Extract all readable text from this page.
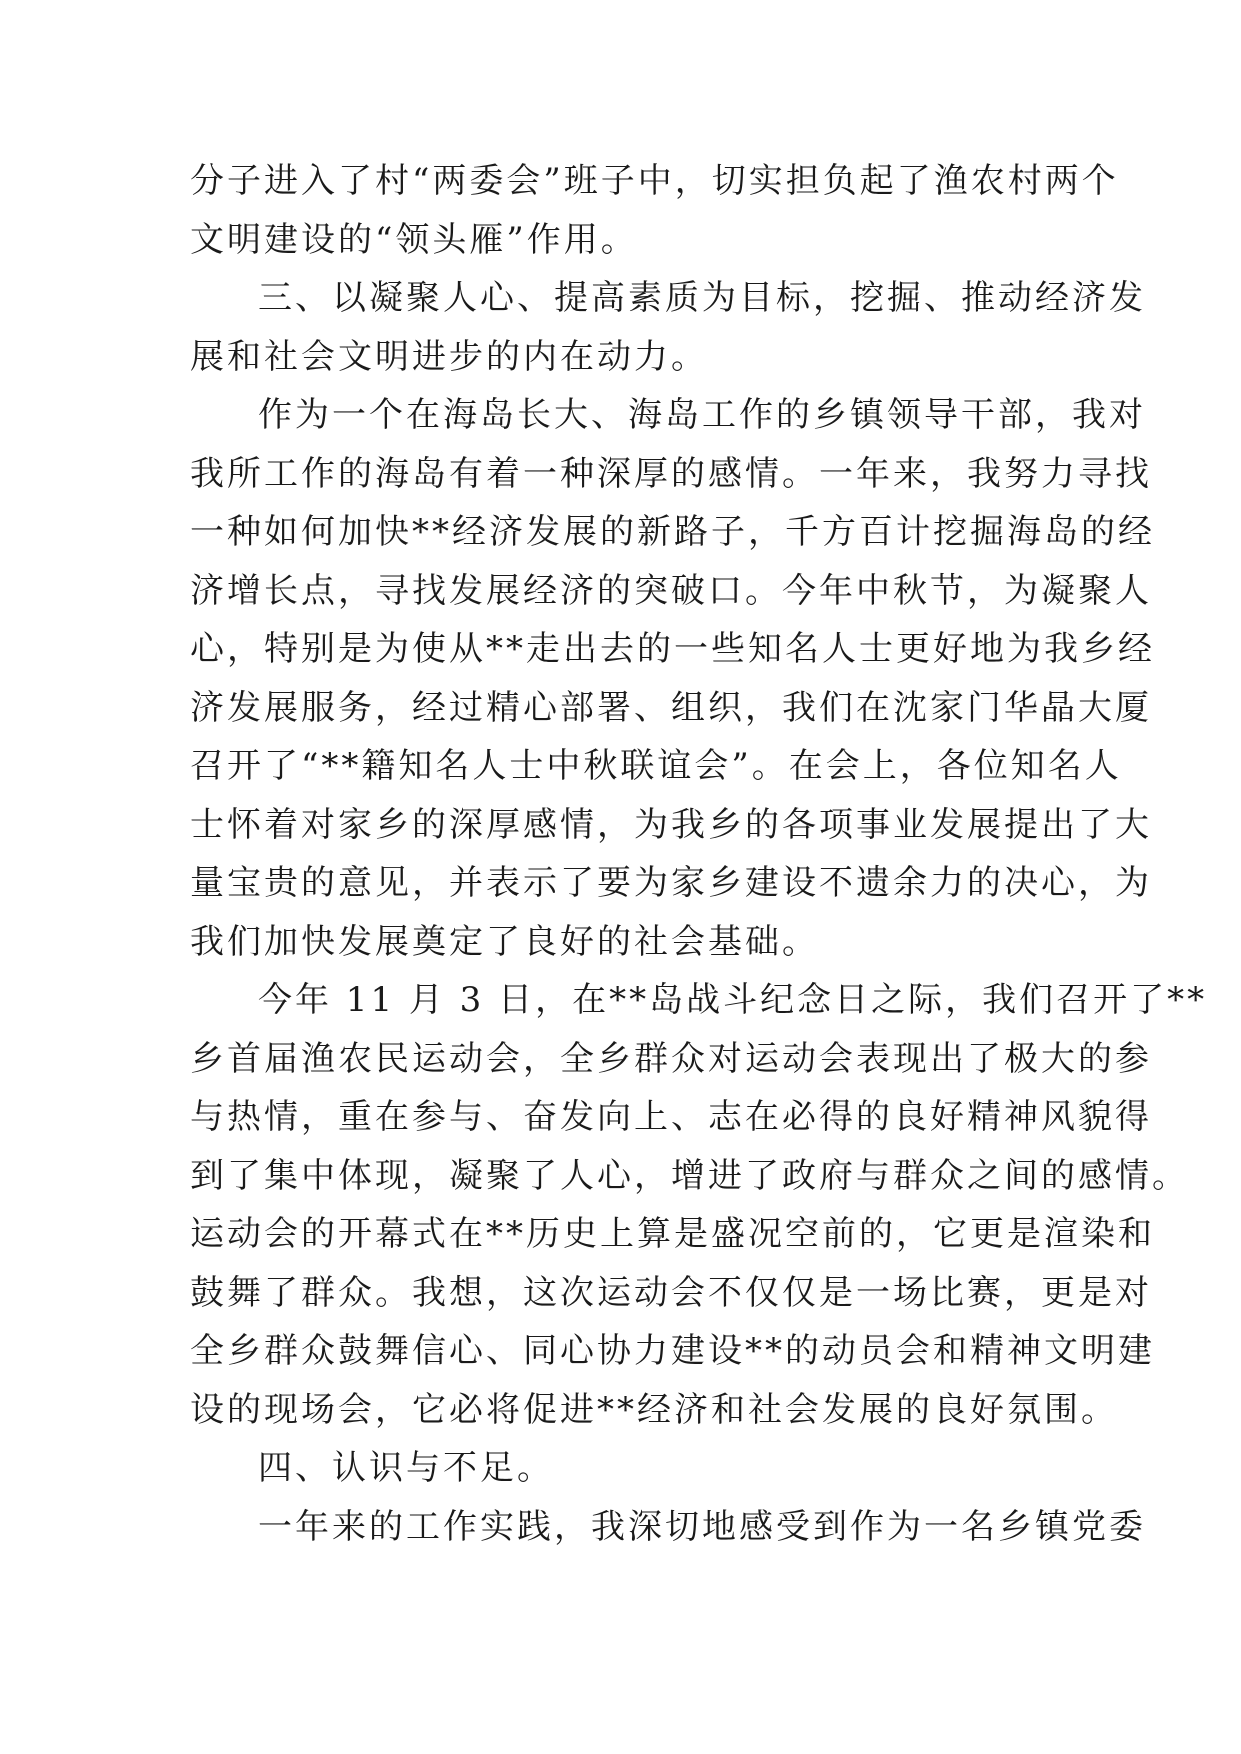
分子进入了村“两委会”班子中，切实担负起了渔农村两个
文明建设的“领头雁”作用。
三、以凝聚人心、提高素质为目标，挖掘、推动经济发
展和社会文明进步的内在动力。
作为一个在海岛长大、海岛工作的乡镇领导干部，我对
我所工作的海岛有着一种深厚的感情。一年来，我努力寻找
一种如何加快**经济发展的新路子，千方百计挖掘海岛的经
济增长点，寻找发展经济的突破口。今年中秋节，为凝聚人
心，特别是为使从**走出去的一些知名人士更好地为我乡经
济发展服务，经过精心部署、组织，我们在沈家门华晶大厦
召开了“**籍知名人士中秋联谊会”。在会上，各位知名人
士怀着对家乡的深厚感情，为我乡的各项事业发展提出了大
量宝贵的意见，并表示了要为家乡建设不遗余力的决心，为
我们加快发展奠定了良好的社会基础。
今年 11 月 3 日，在**岛战斗纪念日之际，我们召开了**
乡首届渔农民运动会，全乡群众对运动会表现出了极大的参
与热情，重在参与、奋发向上、志在必得的良好精神风貌得
到了集中体现，凝聚了人心，增进了政府与群众之间的感情。
运动会的开幕式在**历史上算是盛况空前的，它更是渲染和
鼓舞了群众。我想，这次运动会不仅仅是一场比赛，更是对
全乡群众鼓舞信心、同心协力建设**的动员会和精神文明建
设的现场会，它必将促进**经济和社会发展的良好氛围。
四、认识与不足。
一年来的工作实践，我深切地感受到作为一名乡镇党委
